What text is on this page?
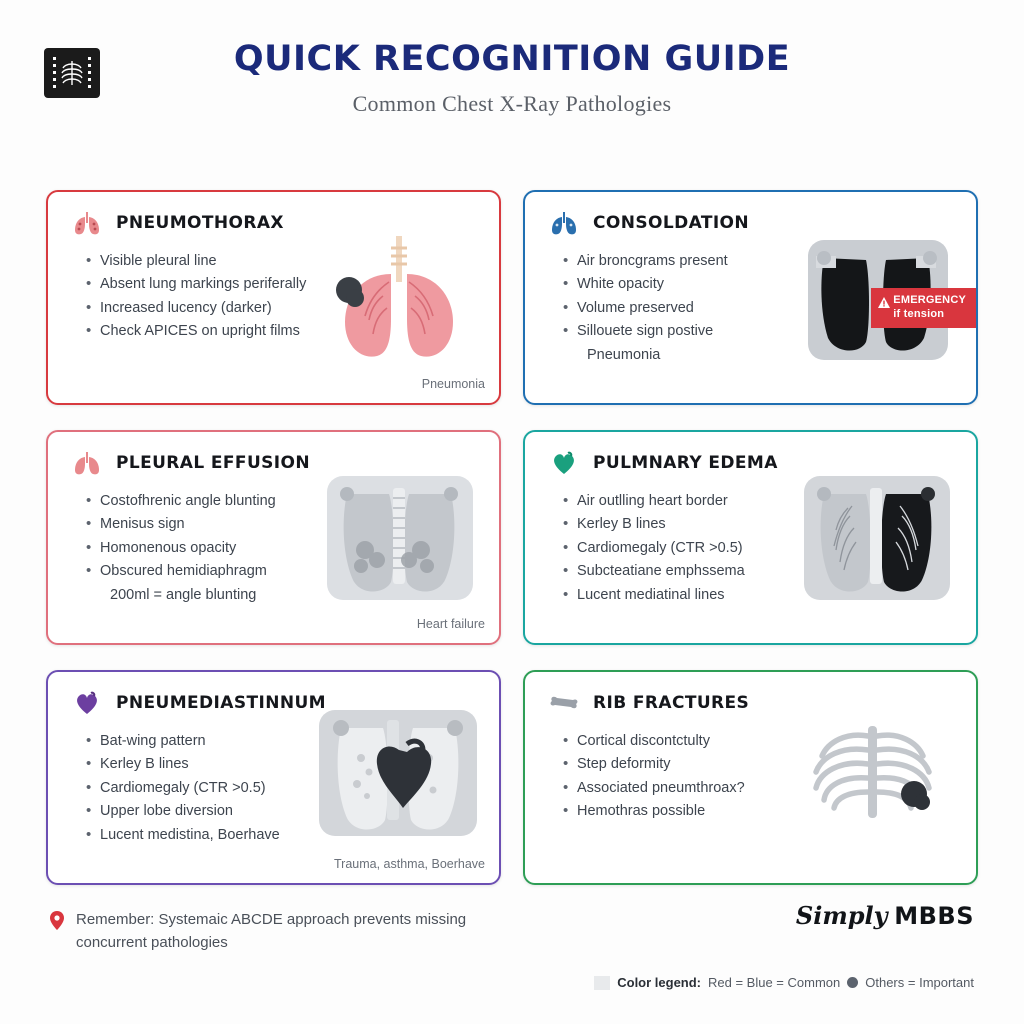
QUICK RECOGNITION GUIDE
Common Chest X-Ray Pathologies
PNEUMOTHORAX
• Visible pleural line
• Absent lung markings periferally
• Increased lucency (darker)
• Check APICES on upright films
Pneumonia
EMERGENCY
if tension
CONSOLDATION
• Air broncgrams present
• White opacity
• Volume preserved
• Sillouete sign postive
Pneumonia
PLEURAL EFFUSION
• Costofhrenic angle blunting
• Menisus sign
• Homonenous opacity
• Obscured hemidiaphragm
200ml = angle blunting
Heart failure
PULMNARY EDEMA
• Air outlling heart border
• Kerley B lines
• Cardiomegaly (CTR >0.5)
• Subcteatiane emphssema
• Lucent mediatinal lines
PNEUMEDIASTINNUM
• Bat-wing pattern
• Kerley B lines
• Cardiomegaly (CTR >0.5)
• Upper lobe diversion
• Lucent medistina, Boerhave
Trauma, asthma, Boerhave
RIB FRACTURES
• Cortical discontctulty
• Step deformity
• Associated pneumthroax?
• Hemothras possible
Remember: Systemaic ABCDE approach prevents missing concurrent pathologies
Simply MBBS
Color legend: Red = Blue = Common Others = Important
